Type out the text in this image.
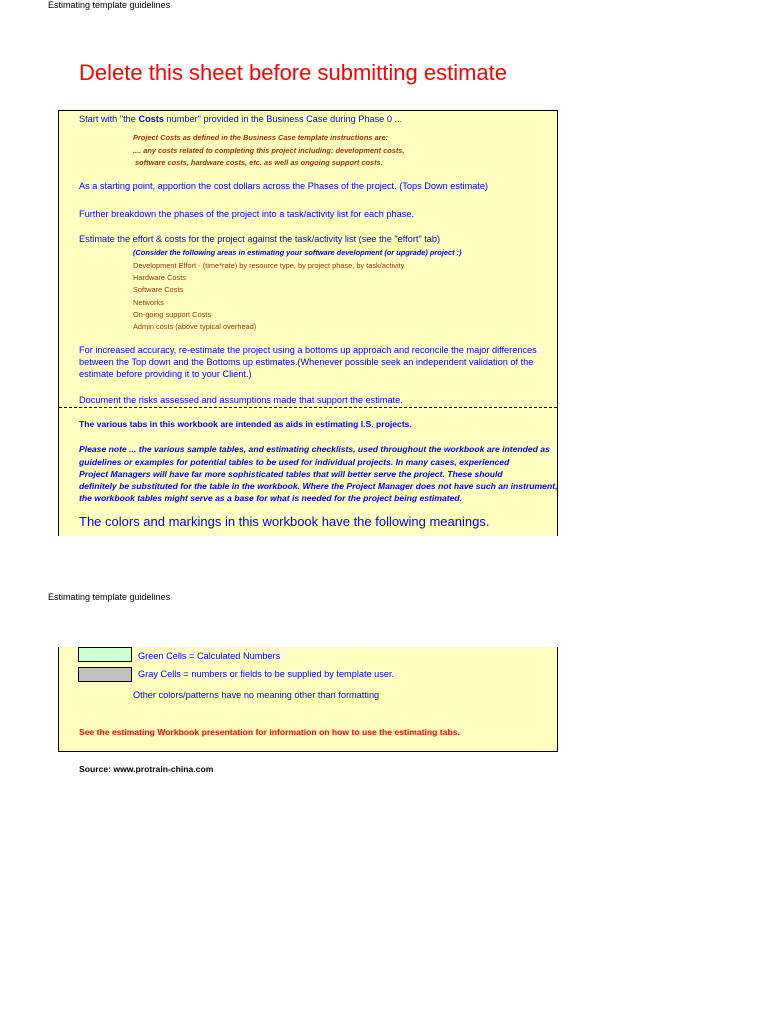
Estimating template guidelines
Delete this sheet before submitting estimate
Start with "the Costs number" provided in the Business Case during Phase 0 ...
Project Costs as defined in the Business Case template instructions are:
.... any costs related to completing this project including: development costs,
software costs, hardware costs, etc. as well as ongoing support costs.
As a starting point, apportion the cost dollars across the Phases of the project. (Tops Down estimate)
Further breakdown the phases of the project into a task/activity list for each phase.
Estimate the effort & costs for the project against the task/activity list (see the "effort" tab)
(Consider the following areas in estimating your software development (or upgrade) project :)
Development Effort - (time*rate) by resource type, by project phase, by task/activity
Hardware Costs
Software Costs
Networks
On-going support Costs
Admin costs (above typical overhead)
For increased accuracy, re-estimate the project using a bottoms up approach and reconcile the major differences
between the Top down and the Bottoms up estimates.(Whenever possible seek an independent validation of the
estimate before providing it to your Client.)
Document the risks assessed and assumptions made that support the estimate.
The various tabs in this workbook are intended as aids in estimating I.S. projects.
Please note ... the various sample tables, and estimating checklists, used throughout the workbook are intended as
guidelines or examples for potential tables to be used for individual projects. In many cases, experienced
Project Managers will have far more sophisticated tables that will better serve the project. These should
definitely be substituted for the table in the workbook. Where the Project Manager does not have such an instrument,
the workbook tables might serve as a base for what is needed for the project being estimated.
The colors and markings in this workbook have the following meanings.
Estimating template guidelines
Green Cells = Calculated Numbers
Gray Cells = numbers or fields to be supplied by template user.
Other colors/patterns have no meaning other than formatting
See the estimating Workbook presentation for information on how to use the estimating tabs.
Source: www.protrain-china.com
